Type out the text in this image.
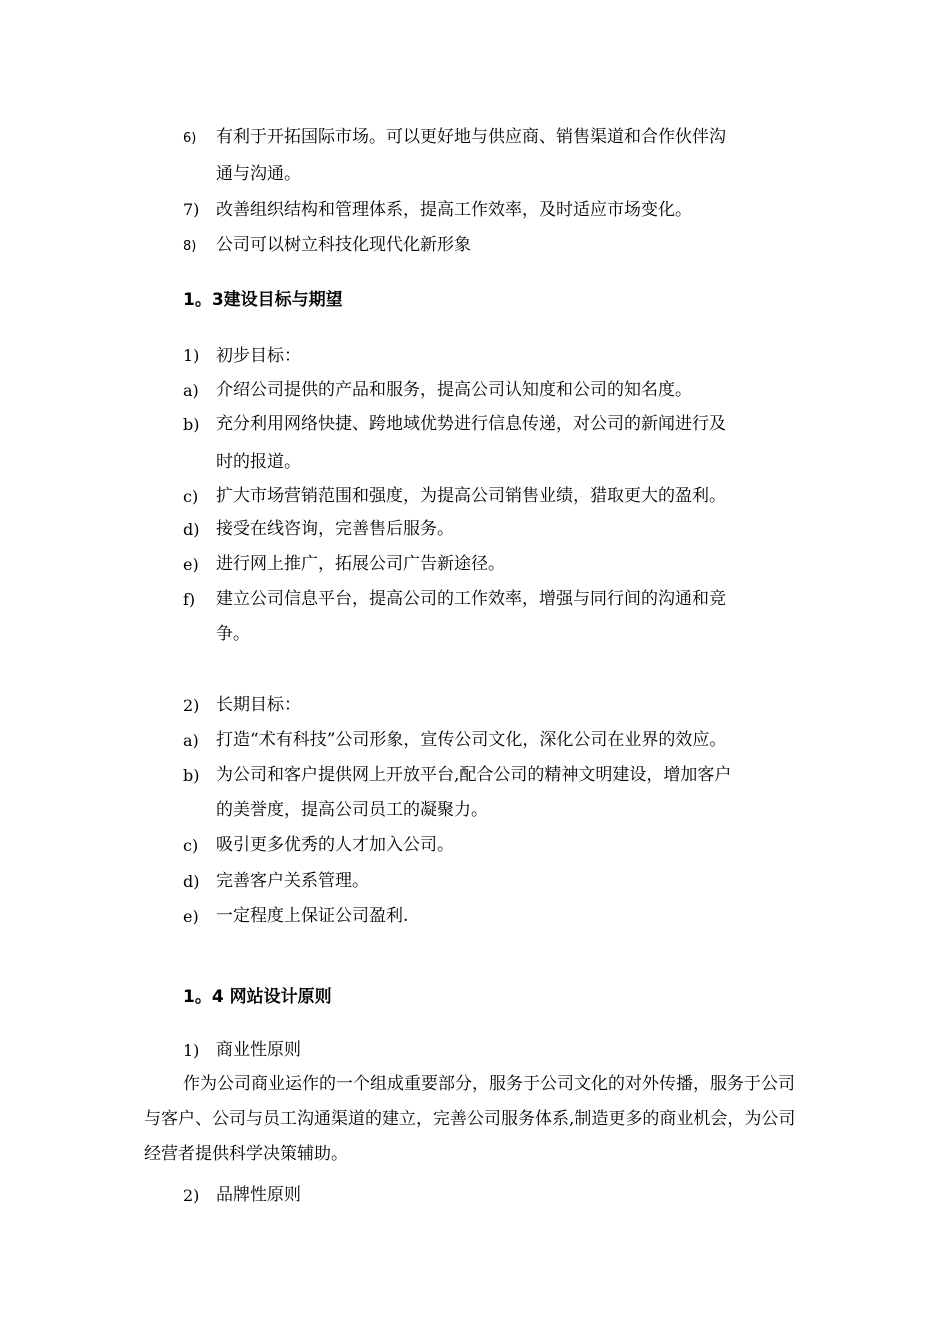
6) 有利于开拓国际市场。可以更好地与供应商、销售渠道和合作伙伴沟
通与沟通。
7) 改善组织结构和管理体系，提高工作效率，及时适应市场变化。
8) 公司可以树立科技化现代化新形象
1。3建设目标与期望
1) 初步目标：
a) 介绍公司提供的产品和服务，提高公司认知度和公司的知名度。
b) 充分利用网络快捷、跨地域优势进行信息传递，对公司的新闻进行及
时的报道。
c) 扩大市场营销范围和强度，为提高公司销售业绩，猎取更大的盈利。
d) 接受在线咨询，完善售后服务。
e) 进行网上推广，拓展公司广告新途径。
f) 建立公司信息平台，提高公司的工作效率，增强与同行间的沟通和竞
争。
2) 长期目标：
a) 打造“术有科技”公司形象，宣传公司文化，深化公司在业界的效应。
b) 为公司和客户提供网上开放平台,配合公司的精神文明建设，增加客户
的美誉度，提高公司员工的凝聚力。
c) 吸引更多优秀的人才加入公司。
d) 完善客户关系管理。
e) 一定程度上保证公司盈利.
1。4 网站设计原则
1) 商业性原则
作为公司商业运作的一个组成重要部分，服务于公司文化的对外传播，服务于公司与客户、公司与员工沟通渠道的建立，完善公司服务体系,制造更多的商业机会，为公司经营者提供科学决策辅助。
2) 品牌性原则
